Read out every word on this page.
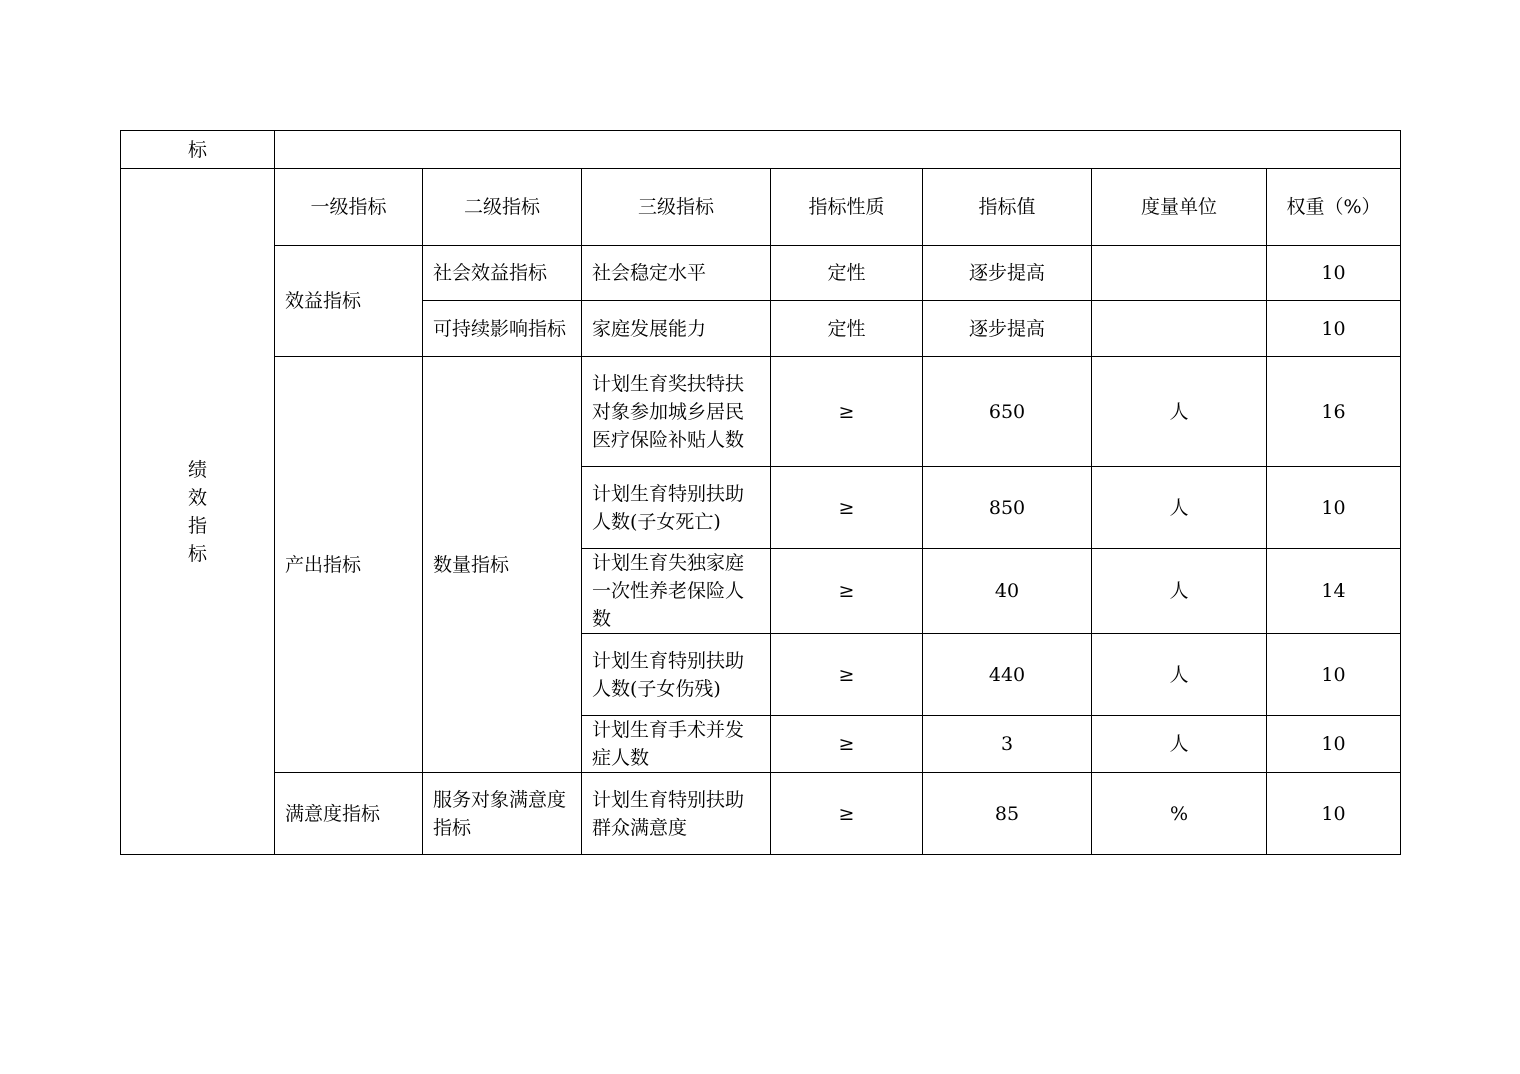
标							

绩
效
指
标	一级指标	二级指标	三级指标	指标性质	指标值	度量单位	权重（%）
	效益指标	社会效益指标	社会稳定水平	定性	逐步提高		10
		可持续影响指标	家庭发展能力	定性	逐步提高		10
	产出指标	数量指标	计划生育奖扶特扶对象参加城乡居民医疗保险补贴人数	≥	650	人	16
			计划生育特别扶助人数(子女死亡)	≥	850	人	10
			计划生育失独家庭一次性养老保险人数	≥	40	人	14
			计划生育特别扶助人数(子女伤残)	≥	440	人	10
			计划生育手术并发症人数	≥	3	人	10
	满意度指标	服务对象满意度指标	计划生育特别扶助群众满意度	≥	85	%	10
